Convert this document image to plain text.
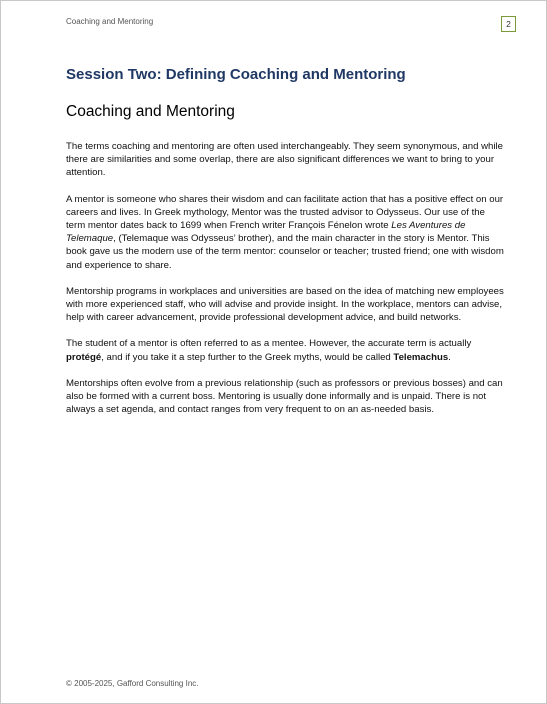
Coaching and Mentoring	2
Session Two: Defining Coaching and Mentoring
Coaching and Mentoring

The terms coaching and mentoring are often used interchangeably. They seem synonymous, and while there are similarities and some overlap, there are also significant differences we want to bring to your attention.

A mentor is someone who shares their wisdom and can facilitate action that has a positive effect on our careers and lives. In Greek mythology, Mentor was the trusted advisor to Odysseus. Our use of the term mentor dates back to 1699 when French writer François Fénelon wrote Les Aventures de Telemaque, (Telemaque was Odysseus’ brother), and the main character in the story is Mentor. This book gave us the modern use of the term mentor: counselor or teacher; trusted friend; one with wisdom and experience to share.

Mentorship programs in workplaces and universities are based on the idea of matching new employees with more experienced staff, who will advise and provide insight. In the workplace, mentors can advise, help with career advancement, provide professional development advice, and build networks.

The student of a mentor is often referred to as a mentee. However, the accurate term is actually protégé, and if you take it a step further to the Greek myths, would be called Telemachus.

Mentorships often evolve from a previous relationship (such as professors or previous bosses) and can also be formed with a current boss. Mentoring is usually done informally and is unpaid. There is not always a set agenda, and contact ranges from very frequent to on an as-needed basis.

© 2005-2025, Gafford Consulting Inc.
